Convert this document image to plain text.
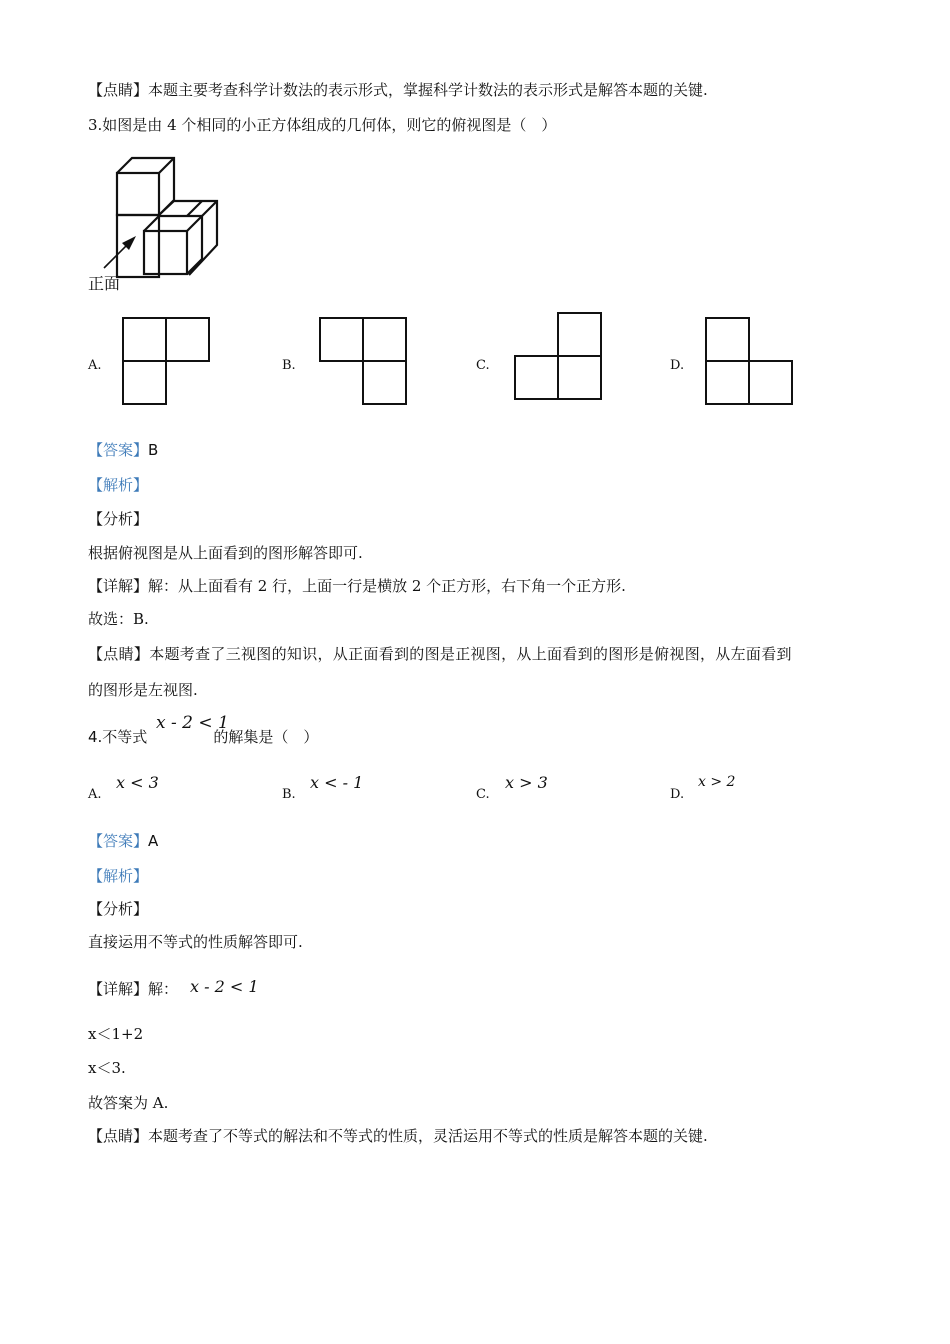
【点睛】本题主要考查科学计数法的表示形式，掌握科学计数法的表示形式是解答本题的关键.
3.如图是由 4 个相同的小正方体组成的几何体，则它的俯视图是（　）
正面
A.	B.	C.	D.
【答案】B
【解析】
【分析】
根据俯视图是从上面看到的图形解答即可.
【详解】解：从上面看有 2 行，上面一行是横放 2 个正方形，右下角一个正方形.
故选：B.
【点睛】本题考查了三视图的知识，从正面看到的图是正视图，从上面看到的图形是俯视图，从左面看到
的图形是左视图.
4.不等式	的解集是（　）
x - 2 < 1
A.
x < 3
B.
x < - 1
C.
x > 3
D.
x > 2
【答案】A
【解析】
【分析】
直接运用不等式的性质解答即可.
【详解】解： x - 2 < 1
x＜1+2
x＜3.
故答案为 A.
【点睛】本题考查了不等式的解法和不等式的性质，灵活运用不等式的性质是解答本题的关键.
